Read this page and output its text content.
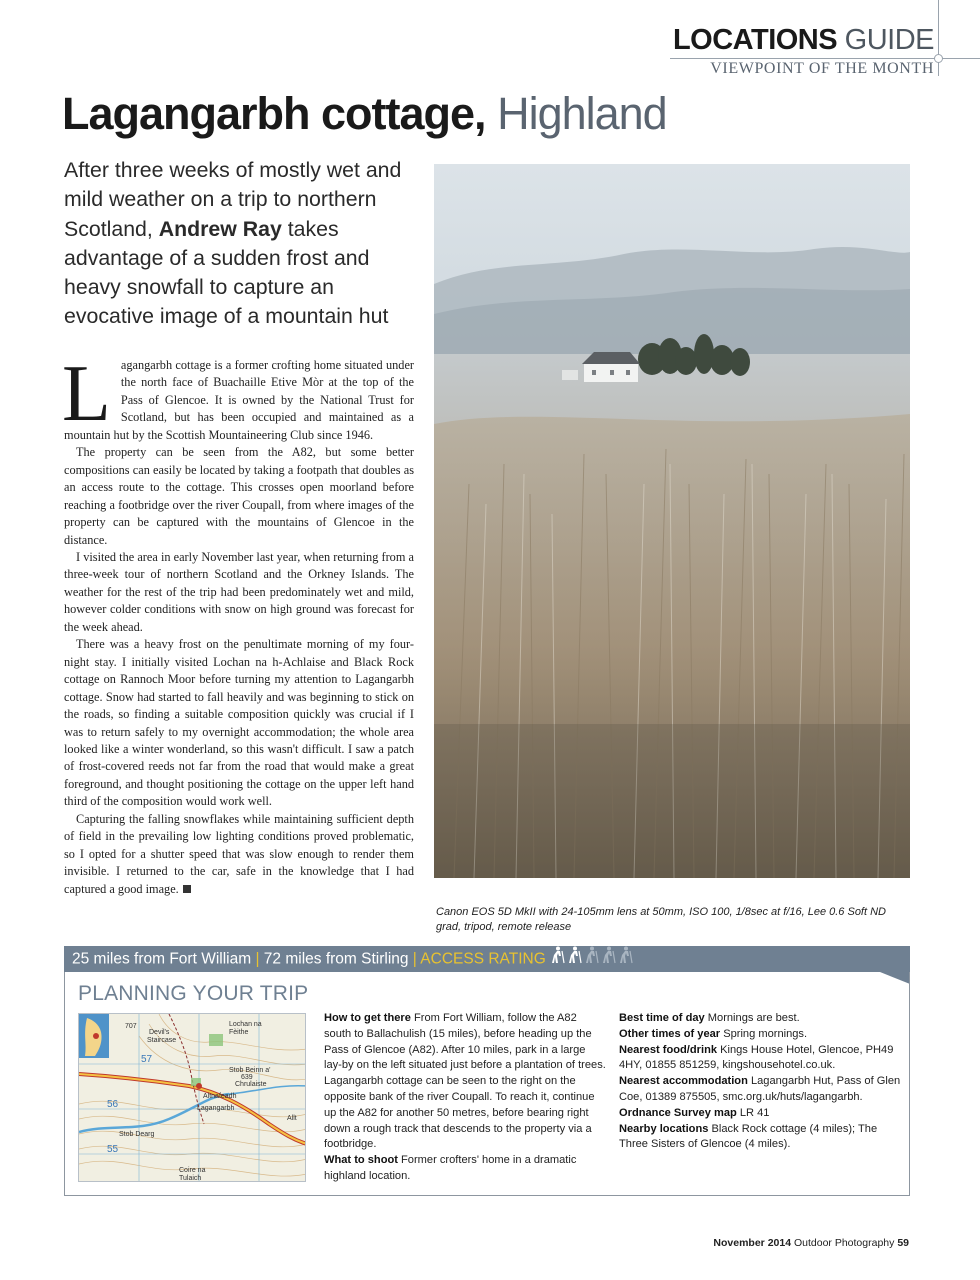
LOCATIONS GUIDE
VIEWPOINT OF THE MONTH
Lagangarbh cottage, Highland
After three weeks of mostly wet and mild weather on a trip to northern Scotland, Andrew Ray takes advantage of a sudden frost and heavy snowfall to capture an evocative image of a mountain hut

Lagangarbh cottage is a former crofting home situated under the north face of Buachaille Etive Mòr at the top of the Pass of Glencoe. It is owned by the National Trust for Scotland, but has been occupied and maintained as a mountain hut by the Scottish Mountaineering Club since 1946.

The property can be seen from the A82, but some better compositions can easily be located by taking a footpath that doubles as an access route to the cottage. This crosses open moorland before reaching a footbridge over the river Coupall, from where images of the property can be captured with the mountains of Glencoe in the distance.

I visited the area in early November last year, when returning from a three-week tour of northern Scotland and the Orkney Islands. The weather for the rest of the trip had been predominately wet and mild, however colder conditions with snow on high ground was forecast for the week ahead.

There was a heavy frost on the penultimate morning of my four-night stay. I initially visited Lochan na h-Achlaise and Black Rock cottage on Rannoch Moor before turning my attention to Lagangarbh cottage. Snow had started to fall heavily and was beginning to stick on the roads, so finding a suitable composition quickly was crucial if I was to return safely to my overnight accommodation; the whole area looked like a winter wonderland, so this wasn't difficult. I saw a patch of frost-covered reeds not far from the road that would make a great foreground, and thought positioning the cottage on the upper left hand third of the composition would work well.

Capturing the falling snowflakes while maintaining sufficient depth of field in the prevailing low lighting conditions proved problematic, so I opted for a shutter speed that was slow enough to render them invisible. I returned to the car, safe in the knowledge that I had captured a good image.

Canon EOS 5D MkII with 24-105mm lens at 50mm, ISO 100, 1/8sec at f/16, Lee 0.6 Soft ND grad, tripod, remote release
25 miles from Fort William | 72 miles from Stirling | ACCESS RATING
PLANNING YOUR TRIP
57
56
55
707
Devil's
Staircase
Lochan na
Fèithe
Stob Beinn a'
639
Chrulaiste
Altnafeadh
Lagangarbh
Allt
Stob Dearg
Coire na
Tulaich

How to get there From Fort William, follow the A82 south to Ballachulish (15 miles), before heading up the Pass of Glencoe (A82). After 10 miles, park in a large lay-by on the left situated just before a plantation of trees. Lagangarbh cottage can be seen to the right on the opposite bank of the river Coupall. To reach it, continue up the A82 for another 50 metres, before bearing right down a rough track that descends to the property via a footbridge.

What to shoot Former crofters' home in a dramatic highland location.

Best time of day Mornings are best.

Other times of year Spring mornings.

Nearest food/drink Kings House Hotel, Glencoe, PH49 4HY, 01855 851259, kingshousehotel.co.uk.

Nearest accommodation Lagangarbh Hut, Pass of Glen Coe, 01389 875505, smc.org.uk/huts/lagangarbh.

Ordnance Survey map LR 41

Nearby locations Black Rock cottage (4 miles); The Three Sisters of Glencoe (4 miles).

November 2014 Outdoor Photography 59
